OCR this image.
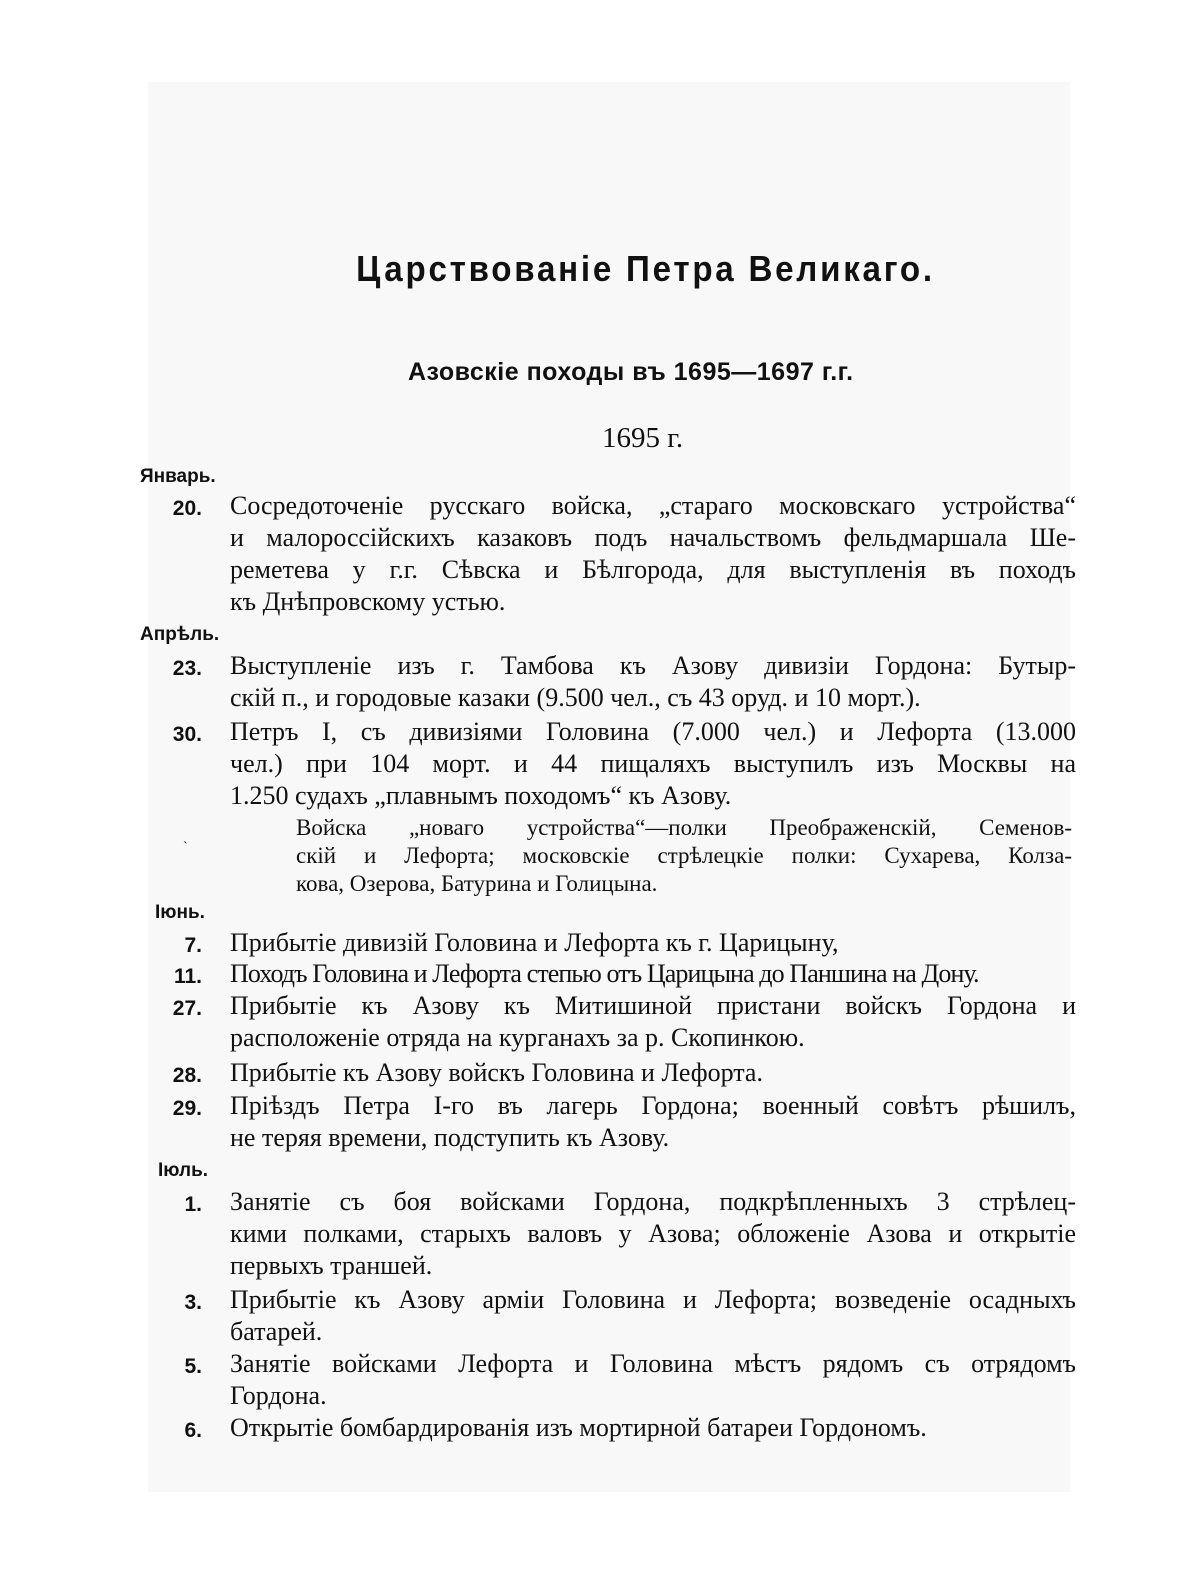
Царствованіе Петра Великаго.
Азовскіе походы въ 1695—1697 г.г.
1695 г.
Январь.
Апрѣль.
Іюнь.
Іюль.
20. Сосредоточеніе русскаго войска, „стараго московскаго устройства“
и малороссійскихъ казаковъ подъ начальствомъ фельдмаршала Ше-
реметева у г.г. Сѣвска и Бѣлгорода, для выступленія въ походъ
къ Днѣпровскому устью.
23. Выступленіе изъ г. Тамбова къ Азову дивизіи Гордона: Бутыр-
скій п., и городовые казаки (9.500 чел., съ 43 оруд. и 10 морт.).
30. Петръ I, съ дивизіями Головина (7.000 чел.) и Лефорта (13.000
чел.) при 104 морт. и 44 пищаляхъ выступилъ изъ Москвы на
1.250 судахъ „плавнымъ походомъ“ къ Азову.
Войска „новаго устройства“—полки Преображенскій, Семенов-
скій и Лефорта; московскіе стрѣлецкіе полки: Сухарева, Колза-
кова, Озерова, Батурина и Голицына.
ˋ
7. Прибытіе дивизій Головина и Лефорта къ г. Царицыну,
11. Походъ Головина и Лефорта степью отъ Царицына до Паншина на Дону.
27. Прибытіе къ Азову къ Митишиной пристани войскъ Гордона и
расположеніе отряда на курганахъ за р. Скопинкою.
28. Прибытіе къ Азову войскъ Головина и Лефорта.
29. Пріѣздъ Петра I-го въ лагерь Гордона; военный совѣтъ рѣшилъ,
не теряя времени, подступить къ Азову.
1. Занятіе съ боя войсками Гордона, подкрѣпленныхъ 3 стрѣлец-
кими полками, старыхъ валовъ у Азова; обложеніе Азова и открытіе
первыхъ траншей.
3. Прибытіе къ Азову арміи Головина и Лефорта; возведеніе осадныхъ
батарей.
5. Занятіе войсками Лефорта и Головина мѣстъ рядомъ съ отрядомъ
Гордона.
6. Открытіе бомбардированія изъ мортирной батареи Гордономъ.
